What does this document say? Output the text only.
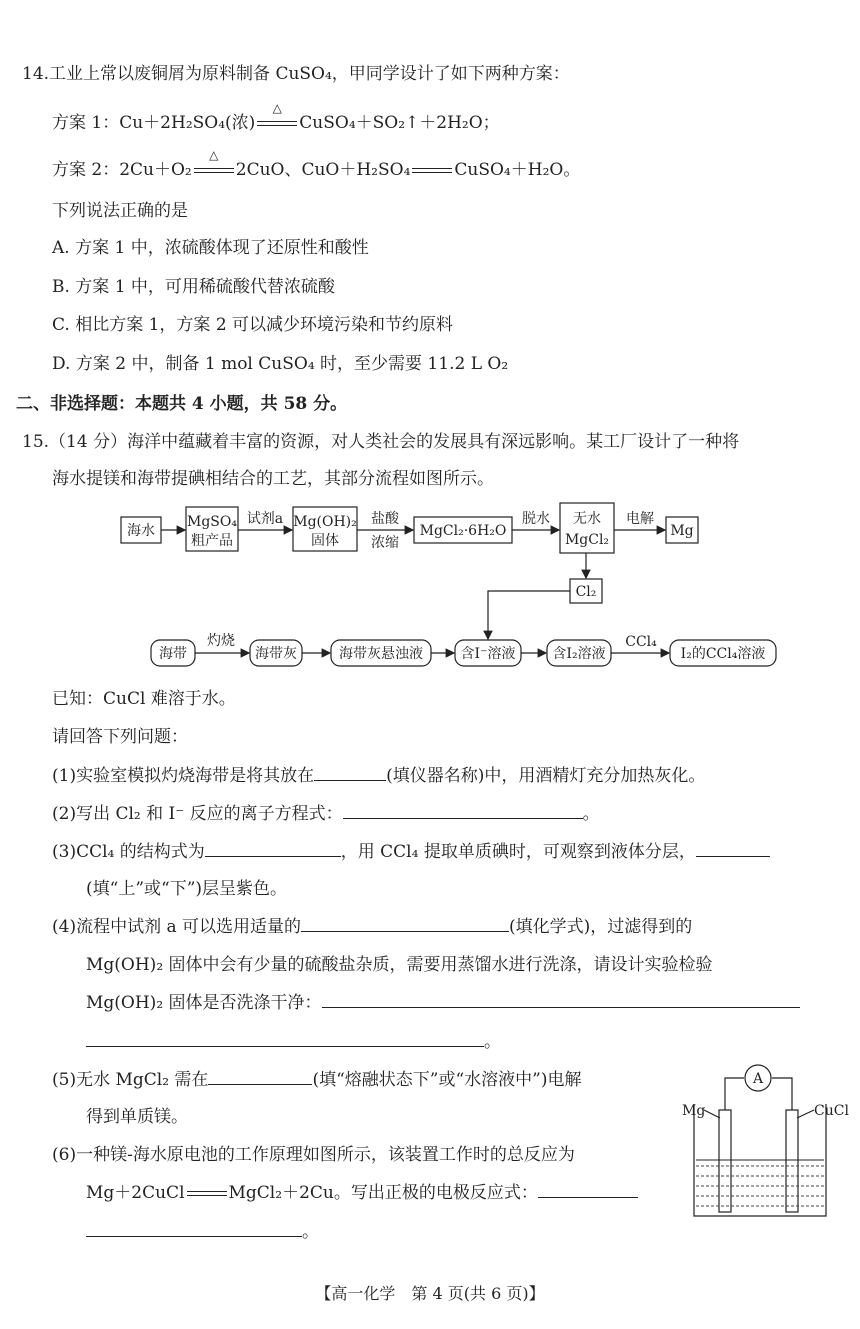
14.工业上常以废铜屑为原料制备 CuSO₄，甲同学设计了如下两种方案：
方案 1：Cu＋2H₂SO₄(浓)
△
CuSO₄＋SO₂↑＋2H₂O；
方案 2：2Cu＋O₂
△
2CuO、CuO＋H₂SO₄	CuSO₄＋H₂O。
下列说法正确的是
A. 方案 1 中，浓硫酸体现了还原性和酸性
B. 方案 1 中，可用稀硫酸代替浓硫酸
C. 相比方案 1，方案 2 可以减少环境污染和节约原料
D. 方案 2 中，制备 1 mol CuSO₄ 时，至少需要 11.2 L O₂
二、非选择题：本题共 4 小题，共 58 分。
15.（14 分）海洋中蕴藏着丰富的资源，对人类社会的发展具有深远影响。某工厂设计了一种将
海水提镁和海带提碘相结合的工艺，其部分流程如图所示。
海水
MgSO₄
粗产品
试剂a Mg(OH)₂
固体
盐酸
浓缩
MgCl₂·6H₂O
脱水 无水
MgCl₂
电解
Mg
Cl₂
海带
灼烧
海带灰	海带灰悬浊液	含I⁻溶液	含I₂溶液
CCl₄
I₂的CCl₄溶液
已知：CuCl 难溶于水。
请回答下列问题：
(1)实验室模拟灼烧海带是将其放在	(填仪器名称)中，用酒精灯充分加热灰化。
(2)写出 Cl₂ 和 I⁻ 反应的离子方程式：	。
(3)CCl₄ 的结构式为	，用 CCl₄ 提取单质碘时，可观察到液体分层，
(填“上”或“下”)层呈紫色。
(4)流程中试剂 a 可以选用适量的	(填化学式)，过滤得到的
Mg(OH)₂ 固体中会有少量的硫酸盐杂质，需要用蒸馏水进行洗涤，请设计实验检验
Mg(OH)₂ 固体是否洗涤干净：
。
(5)无水 MgCl₂ 需在	(填“熔融状态下”或“水溶液中”)电解
得到单质镁。
(6)一种镁-海水原电池的工作原理如图所示，该装置工作时的总反应为
Mg＋2CuCl	MgCl₂＋2Cu。写出正极的电极反应式：
。
A
Mg	CuCl
【高一化学　第 4 页(共 6 页)】
